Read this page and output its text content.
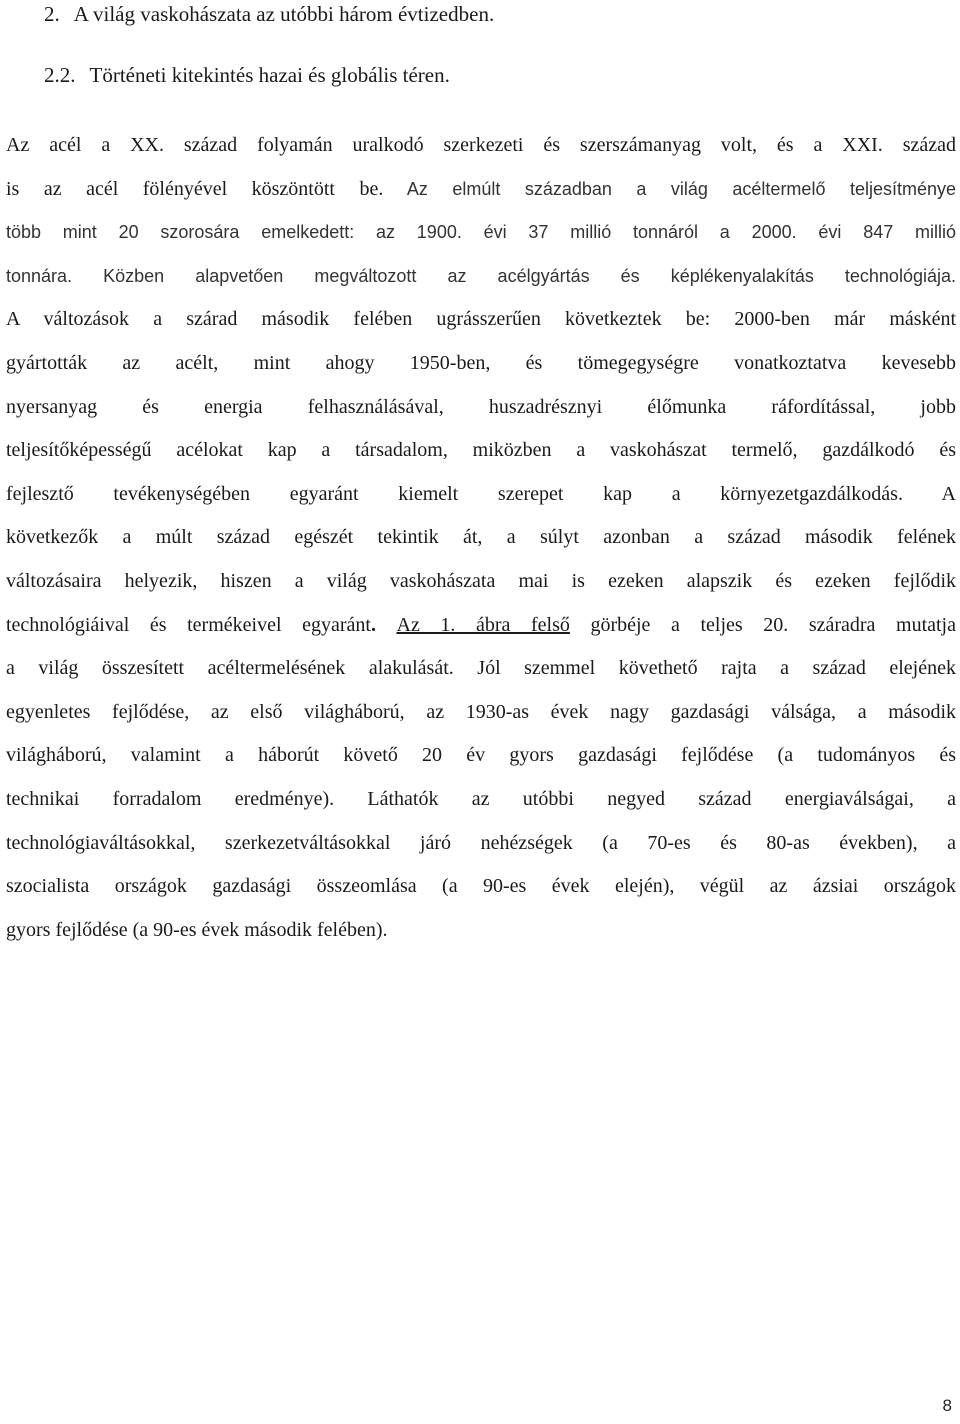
2. A világ vaskohászata az utóbbi három évtizedben.
2.2. Történeti kitekintés hazai és globális téren.
Az acél a XX. század folyamán uralkodó szerkezeti és szerszámanyag volt, és a XXI. század
is az acél fölényével köszöntött be. Az elmúlt században a világ acéltermelő teljesítménye
több mint 20 szorosára emelkedett: az 1900. évi 37 millió tonnáról a 2000. évi 847 millió
tonnára. Közben alapvetően megváltozott az acélgyártás és képlékenyalakítás technológiája.
A változások a szárad második felében ugrásszerűen következtek be: 2000-ben már másként
gyártották az acélt, mint ahogy 1950-ben, és tömegegységre vonatkoztatva kevesebb
nyersanyag és energia felhasználásával, huszadrésznyi élőmunka ráfordítással, jobb
teljesítőképességű acélokat kap a társadalom, miközben a vaskohászat termelő, gazdálkodó és
fejlesztő tevékenységében egyaránt kiemelt szerepet kap a környezetgazdálkodás. A
következők a múlt század egészét tekintik át, a súlyt azonban a század második felének
változásaira helyezik, hiszen a világ vaskohászata mai is ezeken alapszik és ezeken fejlődik
technológiáival és termékeivel egyaránt. Az 1. ábra felső görbéje a teljes 20. száradra mutatja
a világ összesített acéltermelésének alakulását. Jól szemmel követhető rajta a század elejének
egyenletes fejlődése, az első világháború, az 1930-as évek nagy gazdasági válsága, a második
világháború, valamint a háborút követő 20 év gyors gazdasági fejlődése (a tudományos és
technikai forradalom eredménye). Láthatók az utóbbi negyed század energiaválságai, a
technológiaváltásokkal, szerkezetváltásokkal járó nehézségek (a 70-es és 80-as években), a
szocialista országok gazdasági összeomlása (a 90-es évek elején), végül az ázsiai országok
gyors fejlődése (a 90-es évek második felében).
8
